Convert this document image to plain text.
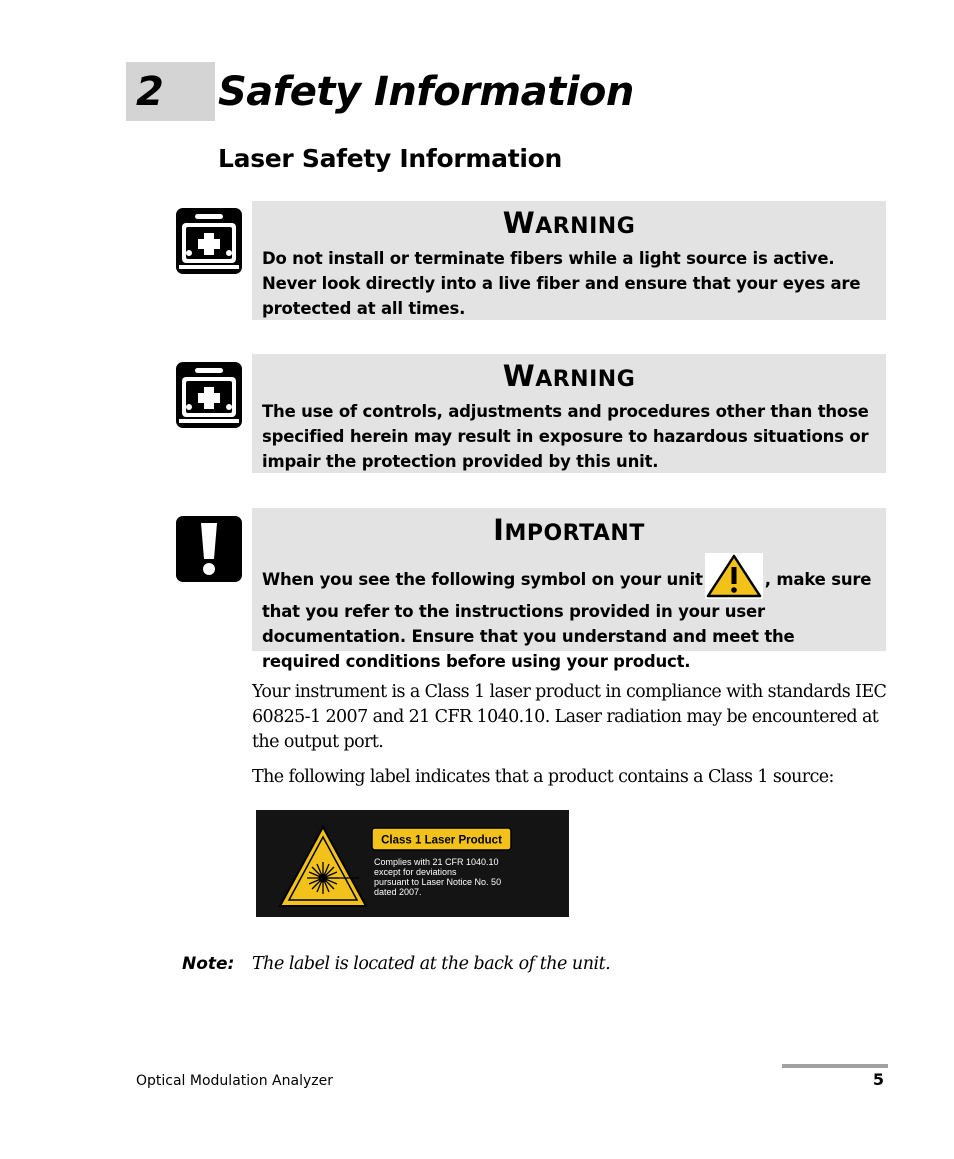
2 Safety Information
Laser Safety Information
WARNING
Do not install or terminate fibers while a light source is active. Never look directly into a live fiber and ensure that your eyes are protected at all times.
WARNING
The use of controls, adjustments and procedures other than those specified herein may result in exposure to hazardous situations or impair the protection provided by this unit.
IMPORTANT
When you see the following symbol on your unit	, make sure that you refer to the instructions provided in your user documentation. Ensure that you understand and meet the required conditions before using your product.
Your instrument is a Class 1 laser product in compliance with standards IEC 60825-1 2007 and 21 CFR 1040.10. Laser radiation may be encountered at the output port.
The following label indicates that a product contains a Class 1 source:
Class 1 Laser Product
Complies with 21 CFR 1040.10
except for deviations
pursuant to Laser Notice No. 50
dated 2007.
Note: The label is located at the back of the unit.
Optical Modulation Analyzer	5
